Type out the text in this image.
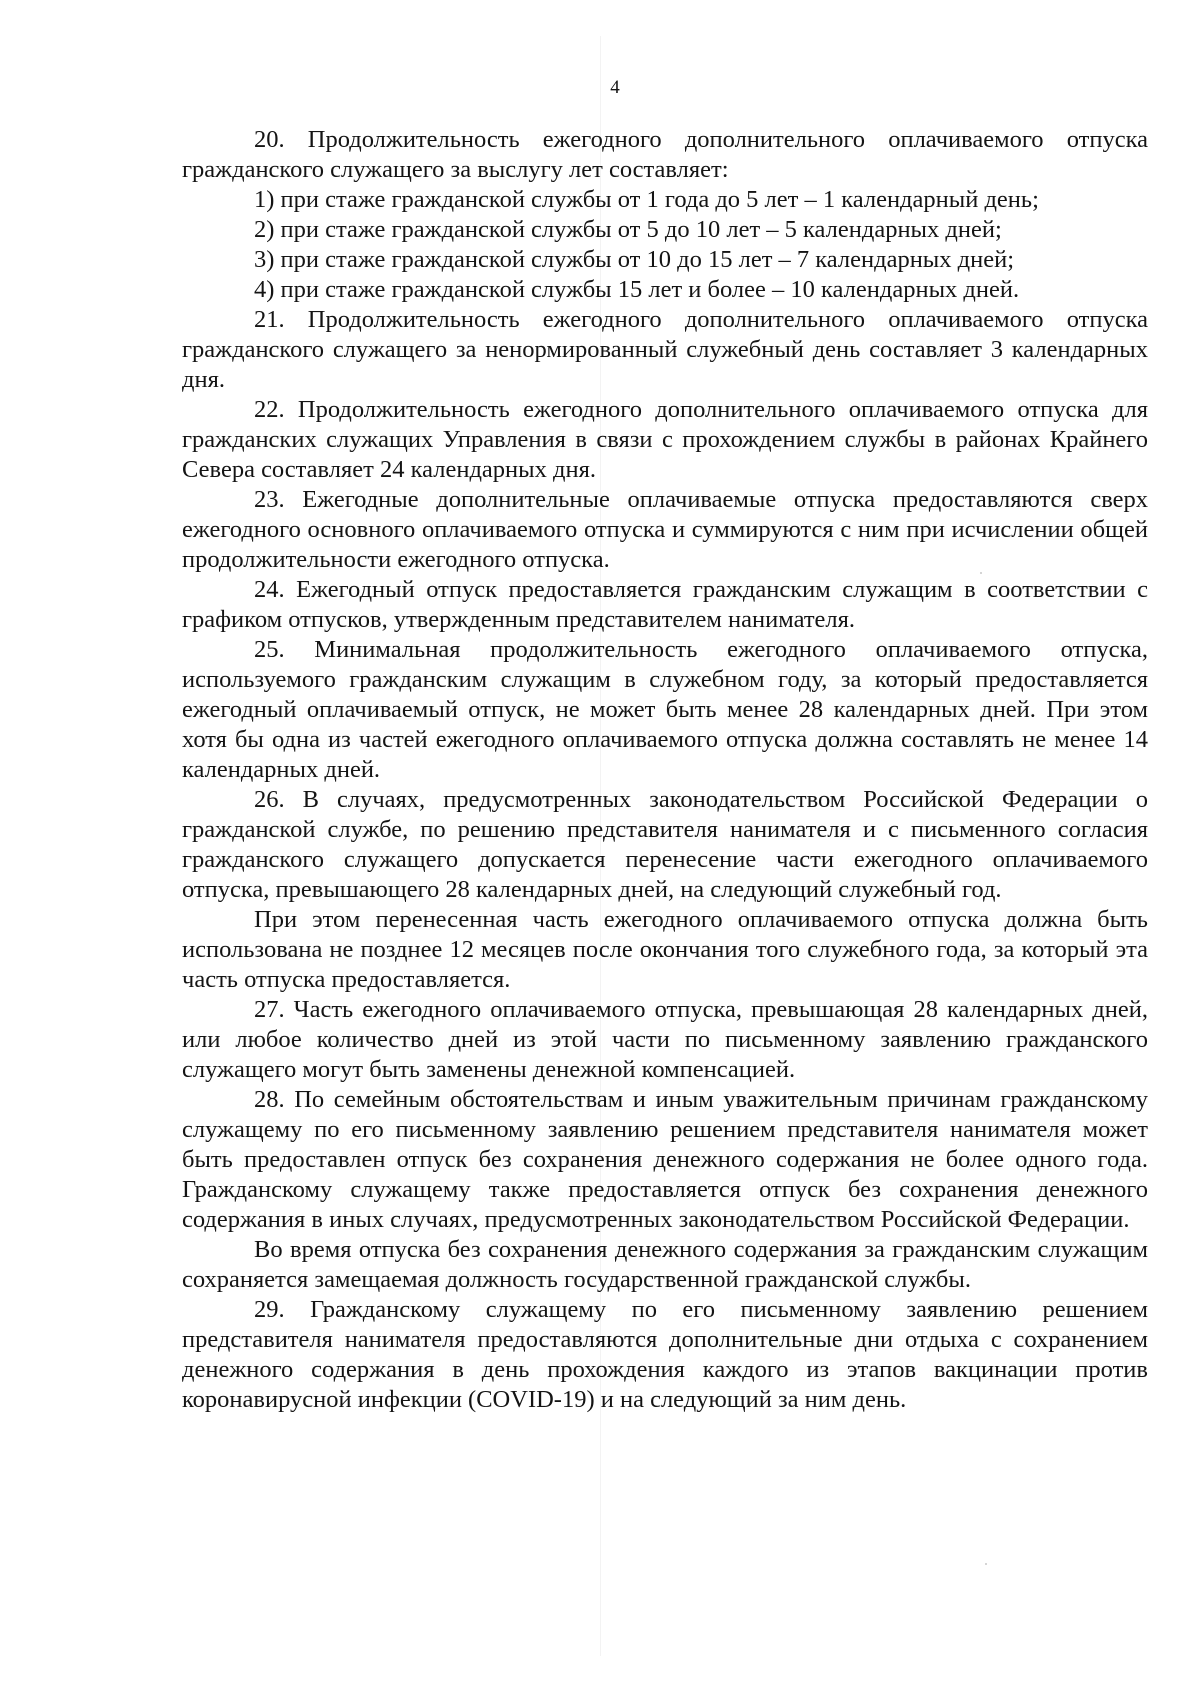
4

20. Продолжительность ежегодного дополнительного оплачиваемого отпуска гражданского служащего за выслугу лет составляет:

1) при стаже гражданской службы от 1 года до 5 лет – 1 календарный день;

2) при стаже гражданской службы от 5 до 10 лет – 5 календарных дней;

3) при стаже гражданской службы от 10 до 15 лет – 7 календарных дней;

4) при стаже гражданской службы 15 лет и более – 10 календарных дней.

21. Продолжительность ежегодного дополнительного оплачиваемого отпуска гражданского служащего за ненормированный служебный день составляет 3 календарных дня.

22. Продолжительность ежегодного дополнительного оплачиваемого отпуска для гражданских служащих Управления в связи с прохождением службы в районах Крайнего Севера составляет 24 календарных дня.

23. Ежегодные дополнительные оплачиваемые отпуска предоставляются сверх ежегодного основного оплачиваемого отпуска и суммируются с ним при исчислении общей продолжительности ежегодного отпуска.

24. Ежегодный отпуск предоставляется гражданским служащим в соответствии с графиком отпусков, утвержденным представителем нанимателя.

25. Минимальная продолжительность ежегодного оплачиваемого отпуска, используемого гражданским служащим в служебном году, за который предоставляется ежегодный оплачиваемый отпуск, не может быть менее 28 календарных дней. При этом хотя бы одна из частей ежегодного оплачиваемого отпуска должна составлять не менее 14 календарных дней.

26. В случаях, предусмотренных законодательством Российской Федерации о гражданской службе, по решению представителя нанимателя и с письменного согласия гражданского служащего допускается перенесение части ежегодного оплачиваемого отпуска, превышающего 28 календарных дней, на следующий служебный год.

При этом перенесенная часть ежегодного оплачиваемого отпуска должна быть использована не позднее 12 месяцев после окончания того служебного года, за который эта часть отпуска предоставляется.

27. Часть ежегодного оплачиваемого отпуска, превышающая 28 календарных дней, или любое количество дней из этой части по письменному заявлению гражданского служащего могут быть заменены денежной компенсацией.

28. По семейным обстоятельствам и иным уважительным причинам гражданскому служащему по его письменному заявлению решением представителя нанимателя может быть предоставлен отпуск без сохранения денежного содержания не более одного года. Гражданскому служащему также предоставляется отпуск без сохранения денежного содержания в иных случаях, предусмотренных законодательством Российской Федерации.

Во время отпуска без сохранения денежного содержания за гражданским служащим сохраняется замещаемая должность государственной гражданской службы.

29. Гражданскому служащему по его письменному заявлению решением представителя нанимателя предоставляются дополнительные дни отдыха с сохранением денежного содержания в день прохождения каждого из этапов вакцинации против коронавирусной инфекции (COVID-19) и на следующий за ним день.
